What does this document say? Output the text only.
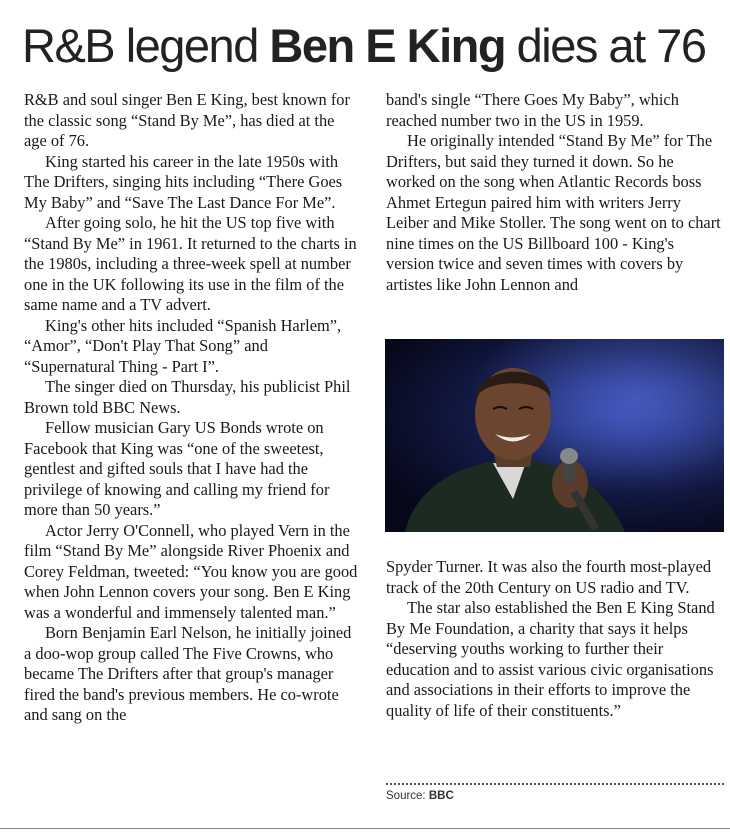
R&B legend Ben E King dies at 76

R&B and soul singer Ben E King, best known for the classic song “Stand By Me”, has died at the age of 76.

King started his career in the late 1950s with The Drifters, singing hits including “There Goes My Baby” and “Save The Last Dance For Me”.

After going solo, he hit the US top five with “Stand By Me” in 1961. It returned to the charts in the 1980s, including a three-week spell at number one in the UK following its use in the film of the same name and a TV advert.

King's other hits included “Spanish Harlem”, “Amor”, “Don't Play That Song” and “Supernatural Thing - Part I”.

The singer died on Thursday, his publicist Phil Brown told BBC News.

Fellow musician Gary US Bonds wrote on Facebook that King was “one of the sweetest, gentlest and gifted souls that I have had the privilege of knowing and calling my friend for more than 50 years.”

Actor Jerry O'Connell, who played Vern in the film “Stand By Me” alongside River Phoenix and Corey Feldman, tweeted: “You know you are good when John Lennon covers your song. Ben E King was a wonderful and immensely talented man.”

Born Benjamin Earl Nelson, he initially joined a doo-wop group called The Five Crowns, who became The Drifters after that group's manager fired the band's previous members. He co-wrote and sang on the

band's single “There Goes My Baby”, which reached number two in the US in 1959.

He originally intended “Stand By Me” for The Drifters, but said they turned it down. So he worked on the song when Atlantic Records boss Ahmet Ertegun paired him with writers Jerry Leiber and Mike Stoller. The song went on to chart nine times on the US Billboard 100 - King's version twice and seven times with covers by artistes like John Lennon and

Spyder Turner. It was also the fourth most-played track of the 20th Century on US radio and TV.

The star also established the Ben E King Stand By Me Foundation, a charity that says it helps “deserving youths working to further their education and to assist various civic organisations and associations in their efforts to improve the quality of life of their constituents.”

Source: BBC
